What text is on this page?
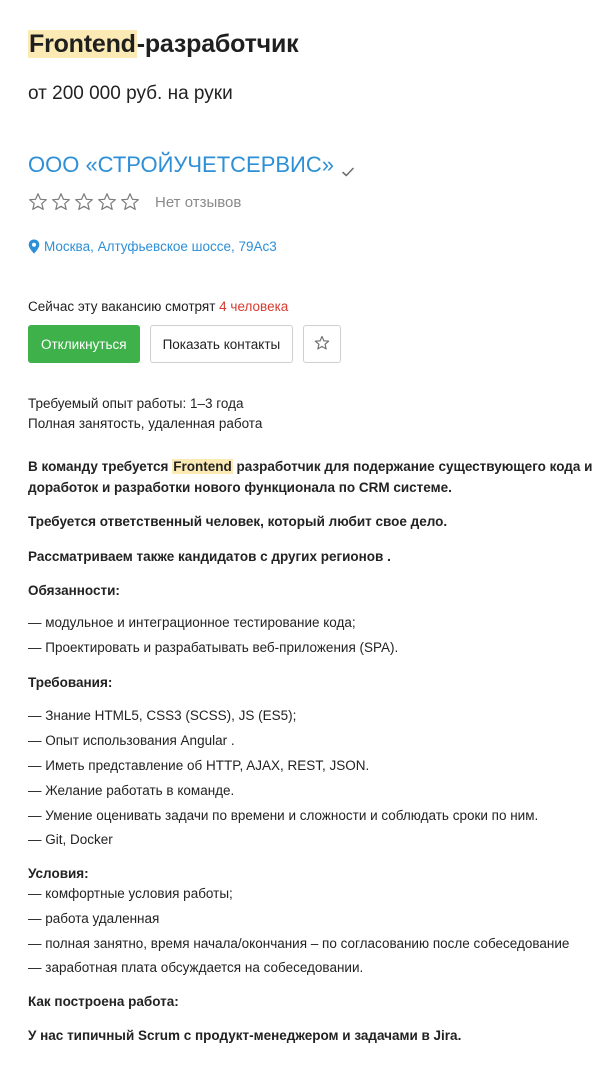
Frontend-разработчик
от 200 000 руб. на руки
ООО «СТРОЙУЧЕТСЕРВИС»
Нет отзывов
Москва, Алтуфьевское шоссе, 79Ас3
Сейчас эту вакансию смотрят 4 человека
Откликнуться	Показать контакты
Требуемый опыт работы: 1–3 года
Полная занятость, удаленная работа

В команду требуется Frontend разработчик для подержание существующего кода и

доработок и разработки нового функционала по CRM системе.

Требуется ответственный человек, который любит свое дело.

Рассматриваем также кандидатов с других регионов .

Обязанности:

— модульное и интеграционное тестирование кода;

— Проектировать и разрабатывать веб-приложения (SPA).

Требования:

— Знание HTML5, CSS3 (SCSS), JS (ES5);

— Опыт использования Angular .

— Иметь представление об HTTP, AJAX, REST, JSON.

— Желание работать в команде.

— Умение оценивать задачи по времени и сложности и соблюдать сроки по ним.

— Git, Docker

Условия:

— комфортные условия работы;

— работа удаленная

— полная занятно, время начала/окончания – по согласованию после собеседование

— заработная плата обсуждается на собеседовании.

Как построена работа:

У нас типичный Scrum с продукт-менеджером и задачами в Jira.
